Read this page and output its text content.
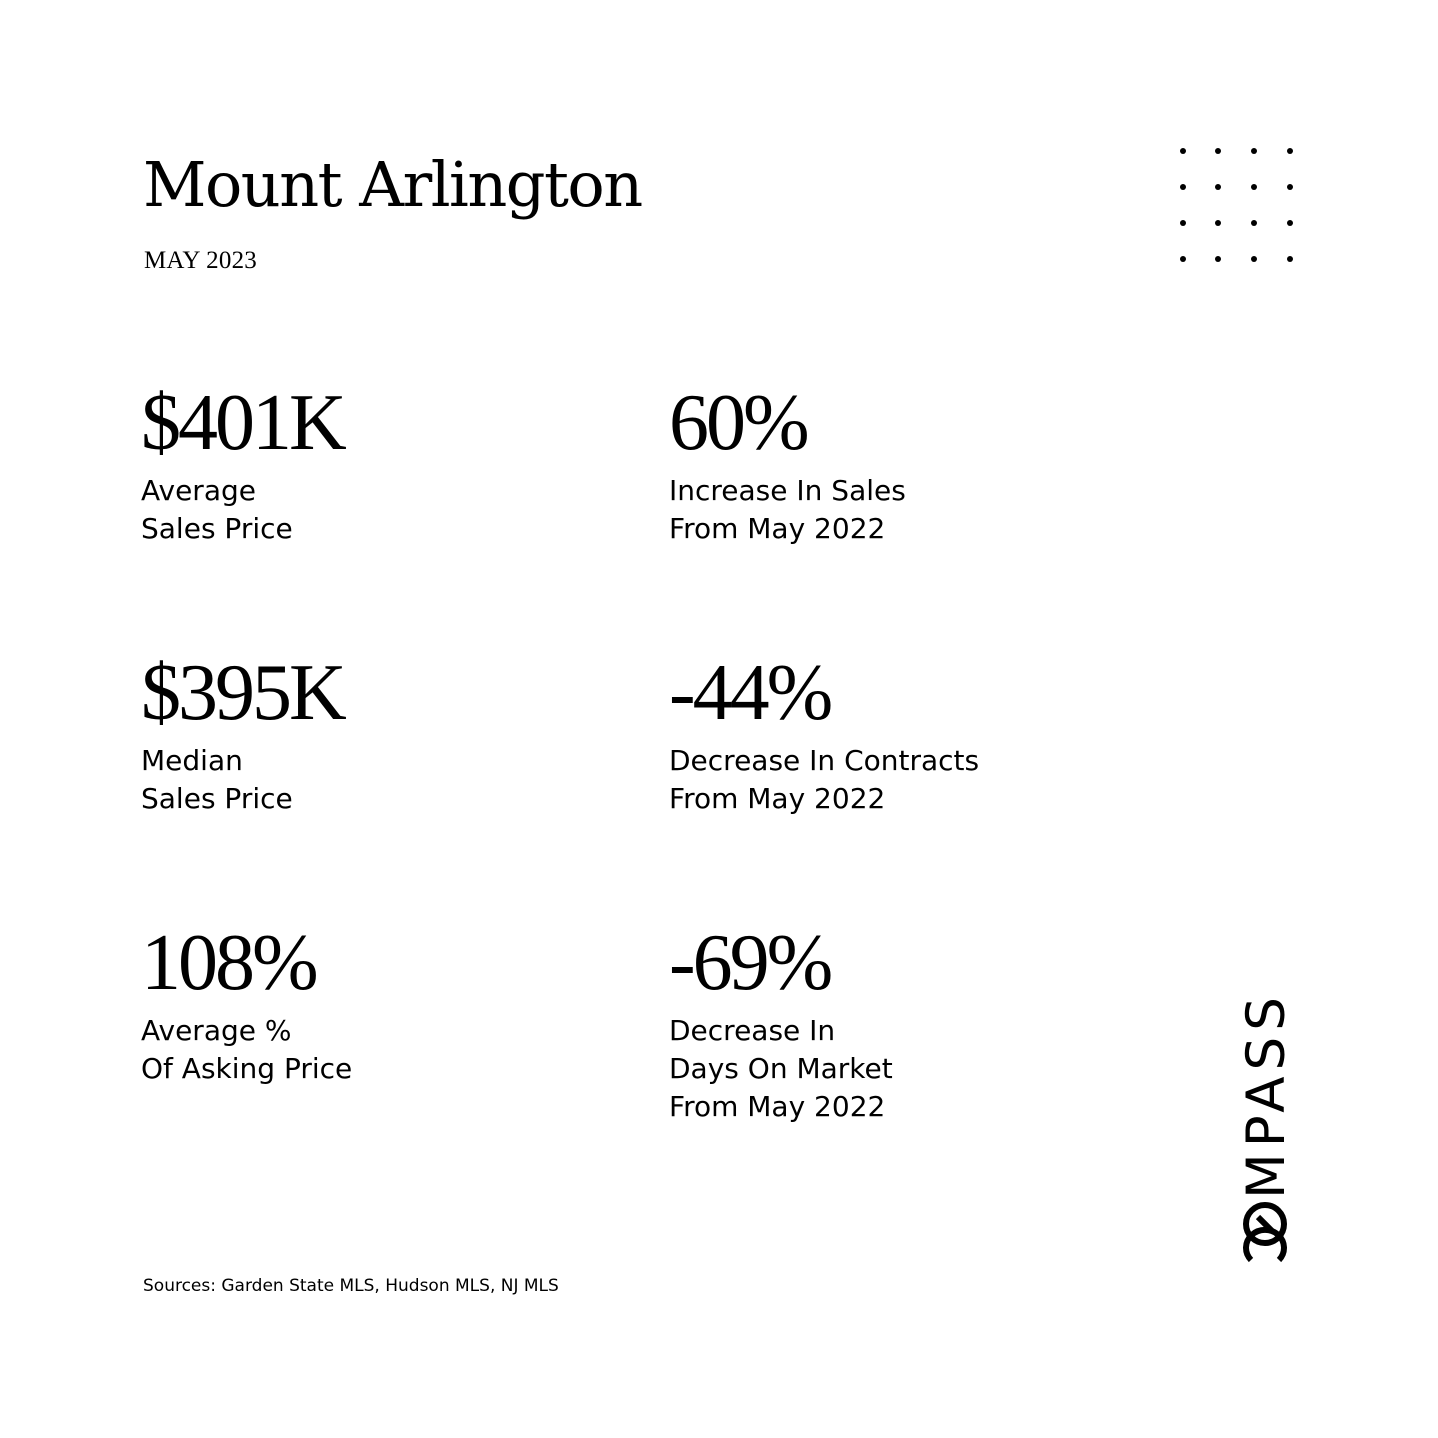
Mount Arlington
MAY 2023
$401K
Average
Sales Price
60%
Increase In Sales
From May 2022
$395K
Median
Sales Price
-44%
Decrease In Contracts
From May 2022
108%
Average %
Of Asking Price
-69%
Decrease In
Days On Market
From May 2022
Sources: Garden State MLS, Hudson MLS, NJ MLS
MPASS
